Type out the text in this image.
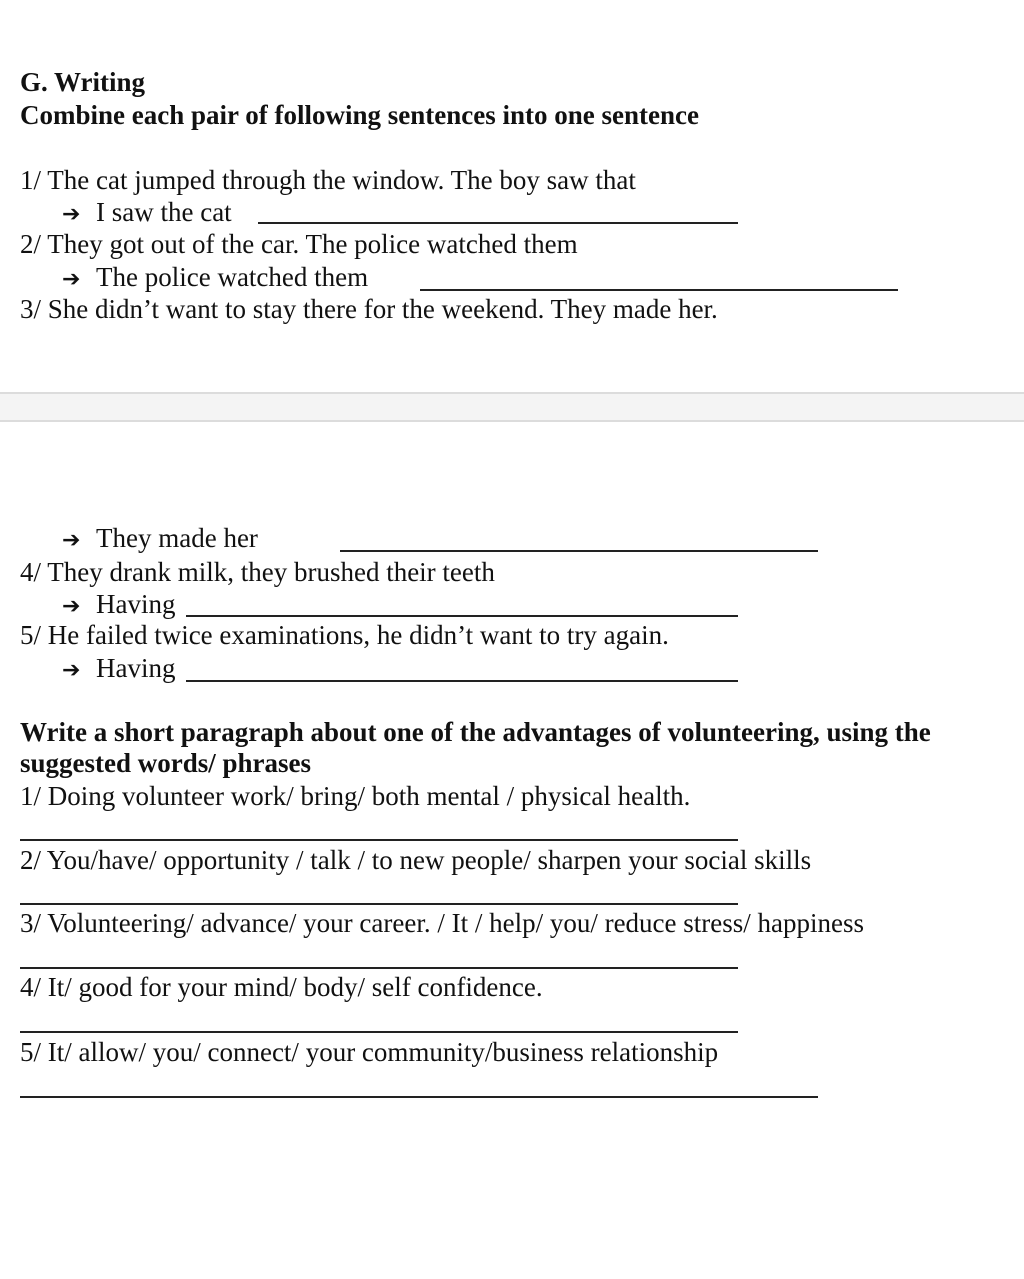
G. Writing
Combine each pair of following sentences into one sentence
1/ The cat jumped through the window. The boy saw that
➔ I saw the cat
2/ They got out of the car. The police watched them
➔ The police watched them
3/ She didn’t want to stay there for the weekend. They made her.
➔ They made her
4/ They drank milk, they brushed their teeth
➔ Having
5/ He failed twice examinations, he didn’t want to try again.
➔ Having
Write a short paragraph about one of the advantages of volunteering, using the
suggested words/ phrases
1/ Doing volunteer work/ bring/ both mental / physical health.
2/ You/have/ opportunity / talk / to new people/ sharpen your social skills
3/ Volunteering/ advance/ your career. / It / help/ you/ reduce stress/ happiness
4/ It/ good for your mind/ body/ self confidence.
5/ It/ allow/ you/ connect/ your community/business relationship
